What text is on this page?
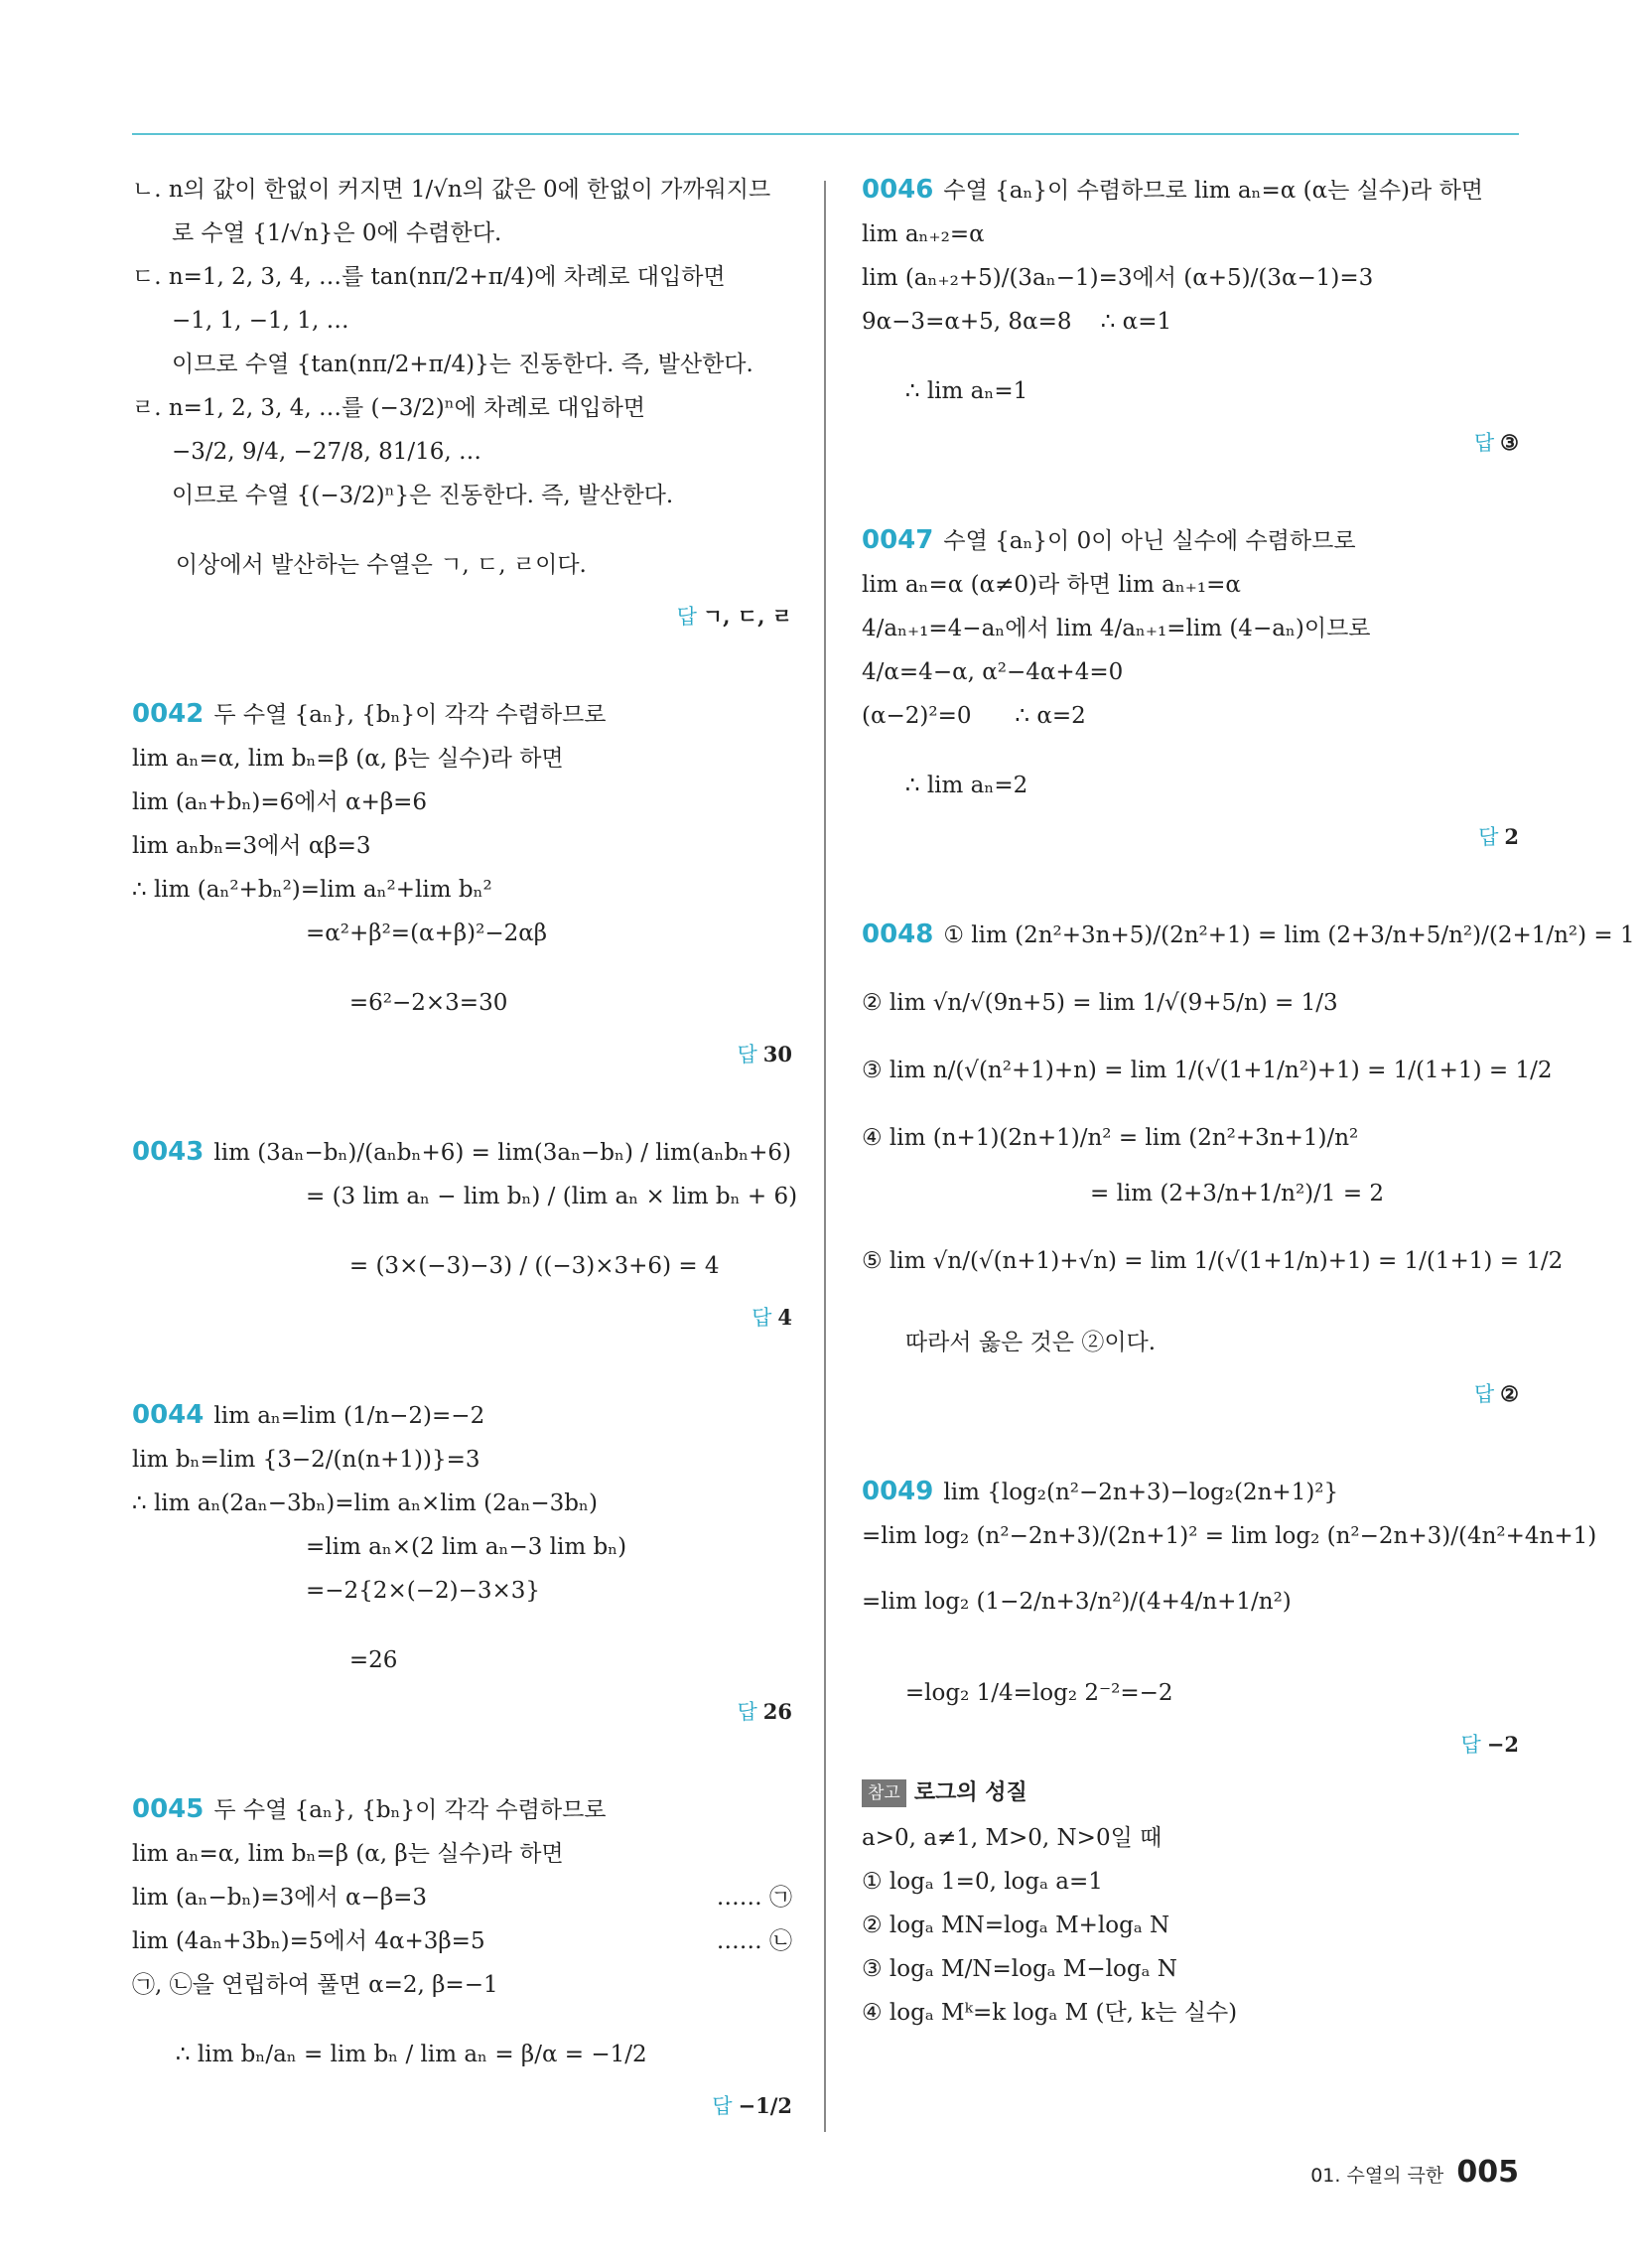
ㄴ. n의 값이 한없이 커지면 1/√n의 값은 0에 한없이 가까워지므
로 수열 {1/√n}은 0에 수렴한다.
ㄷ. n=1, 2, 3, 4, …를 tan(nπ/2+π/4)에 차례로 대입하면
−1, 1, −1, 1, …
이므로 수열 {tan(nπ/2+π/4)}는 진동한다. 즉, 발산한다.
ㄹ. n=1, 2, 3, 4, …를 (−3/2)ⁿ에 차례로 대입하면
−3/2, 9/4, −27/8, 81/16, …
이므로 수열 {(−3/2)ⁿ}은 진동한다. 즉, 발산한다.

이상에서 발산하는 수열은 ㄱ, ㄷ, ㄹ이다.

답 ㄱ, ㄷ, ㄹ

0042 두 수열 {aₙ}, {bₙ}이 각각 수렴하므로
lim aₙ=α, lim bₙ=β (α, β는 실수)라 하면
lim (aₙ+bₙ)=6에서 α+β=6
lim aₙbₙ=3에서 αβ=3
∴ lim (aₙ²+bₙ²)=lim aₙ²+lim bₙ²
=α²+β²=(α+β)²−2αβ

=6²−2×3=30

답 30

0043 lim (3aₙ−bₙ)/(aₙbₙ+6) = lim(3aₙ−bₙ) / lim(aₙbₙ+6)
= (3 lim aₙ − lim bₙ) / (lim aₙ × lim bₙ + 6)

= (3×(−3)−3) / ((−3)×3+6) = 4

답 4

0044 lim aₙ=lim (1/n−2)=−2
lim bₙ=lim {3−2/(n(n+1))}=3
∴ lim aₙ(2aₙ−3bₙ)=lim aₙ×lim (2aₙ−3bₙ)
=lim aₙ×(2 lim aₙ−3 lim bₙ)
=−2{2×(−2)−3×3}

=26

답 26

0045 두 수열 {aₙ}, {bₙ}이 각각 수렴하므로
lim aₙ=α, lim bₙ=β (α, β는 실수)라 하면
lim (aₙ−bₙ)=3에서 α−β=3	…… ㉠
lim (4aₙ+3bₙ)=5에서 4α+3β=5	…… ㉡
㉠, ㉡을 연립하여 풀면 α=2, β=−1

∴ lim bₙ/aₙ = lim bₙ / lim aₙ = β/α = −1/2

답 −1/2

0046 수열 {aₙ}이 수렴하므로 lim aₙ=α (α는 실수)라 하면
lim aₙ₊₂=α
lim (aₙ₊₂+5)/(3aₙ−1)=3에서 (α+5)/(3α−1)=3
9α−3=α+5, 8α=8    ∴ α=1

∴ lim aₙ=1

답 ③

0047 수열 {aₙ}이 0이 아닌 실수에 수렴하므로
lim aₙ=α (α≠0)라 하면 lim aₙ₊₁=α
4/aₙ₊₁=4−aₙ에서 lim 4/aₙ₊₁=lim (4−aₙ)이므로
4/α=4−α, α²−4α+4=0
(α−2)²=0      ∴ α=2

∴ lim aₙ=2

답 2

0048 ① lim (2n²+3n+5)/(2n²+1) = lim (2+3/n+5/n²)/(2+1/n²) = 1
② lim √n/√(9n+5) = lim 1/√(9+5/n) = 1/3
③ lim n/(√(n²+1)+n) = lim 1/(√(1+1/n²)+1) = 1/(1+1) = 1/2
④ lim (n+1)(2n+1)/n² = lim (2n²+3n+1)/n²
= lim (2+3/n+1/n²)/1 = 2
⑤ lim √n/(√(n+1)+√n) = lim 1/(√(1+1/n)+1) = 1/(1+1) = 1/2

따라서 옳은 것은 ②이다.

답 ②

0049 lim {log₂(n²−2n+3)−log₂(2n+1)²}
=lim log₂ (n²−2n+3)/(2n+1)² = lim log₂ (n²−2n+3)/(4n²+4n+1)
=lim log₂ (1−2/n+3/n²)/(4+4/n+1/n²)

=log₂ 1/4=log₂ 2⁻²=−2

답 −2

참고 로그의 성질
a>0, a≠1, M>0, N>0일 때
① logₐ 1=0, logₐ a=1
② logₐ MN=logₐ M+logₐ N
③ logₐ M/N=logₐ M−logₐ N
④ logₐ Mᵏ=k logₐ M (단, k는 실수)
01. 수열의 극한 005
